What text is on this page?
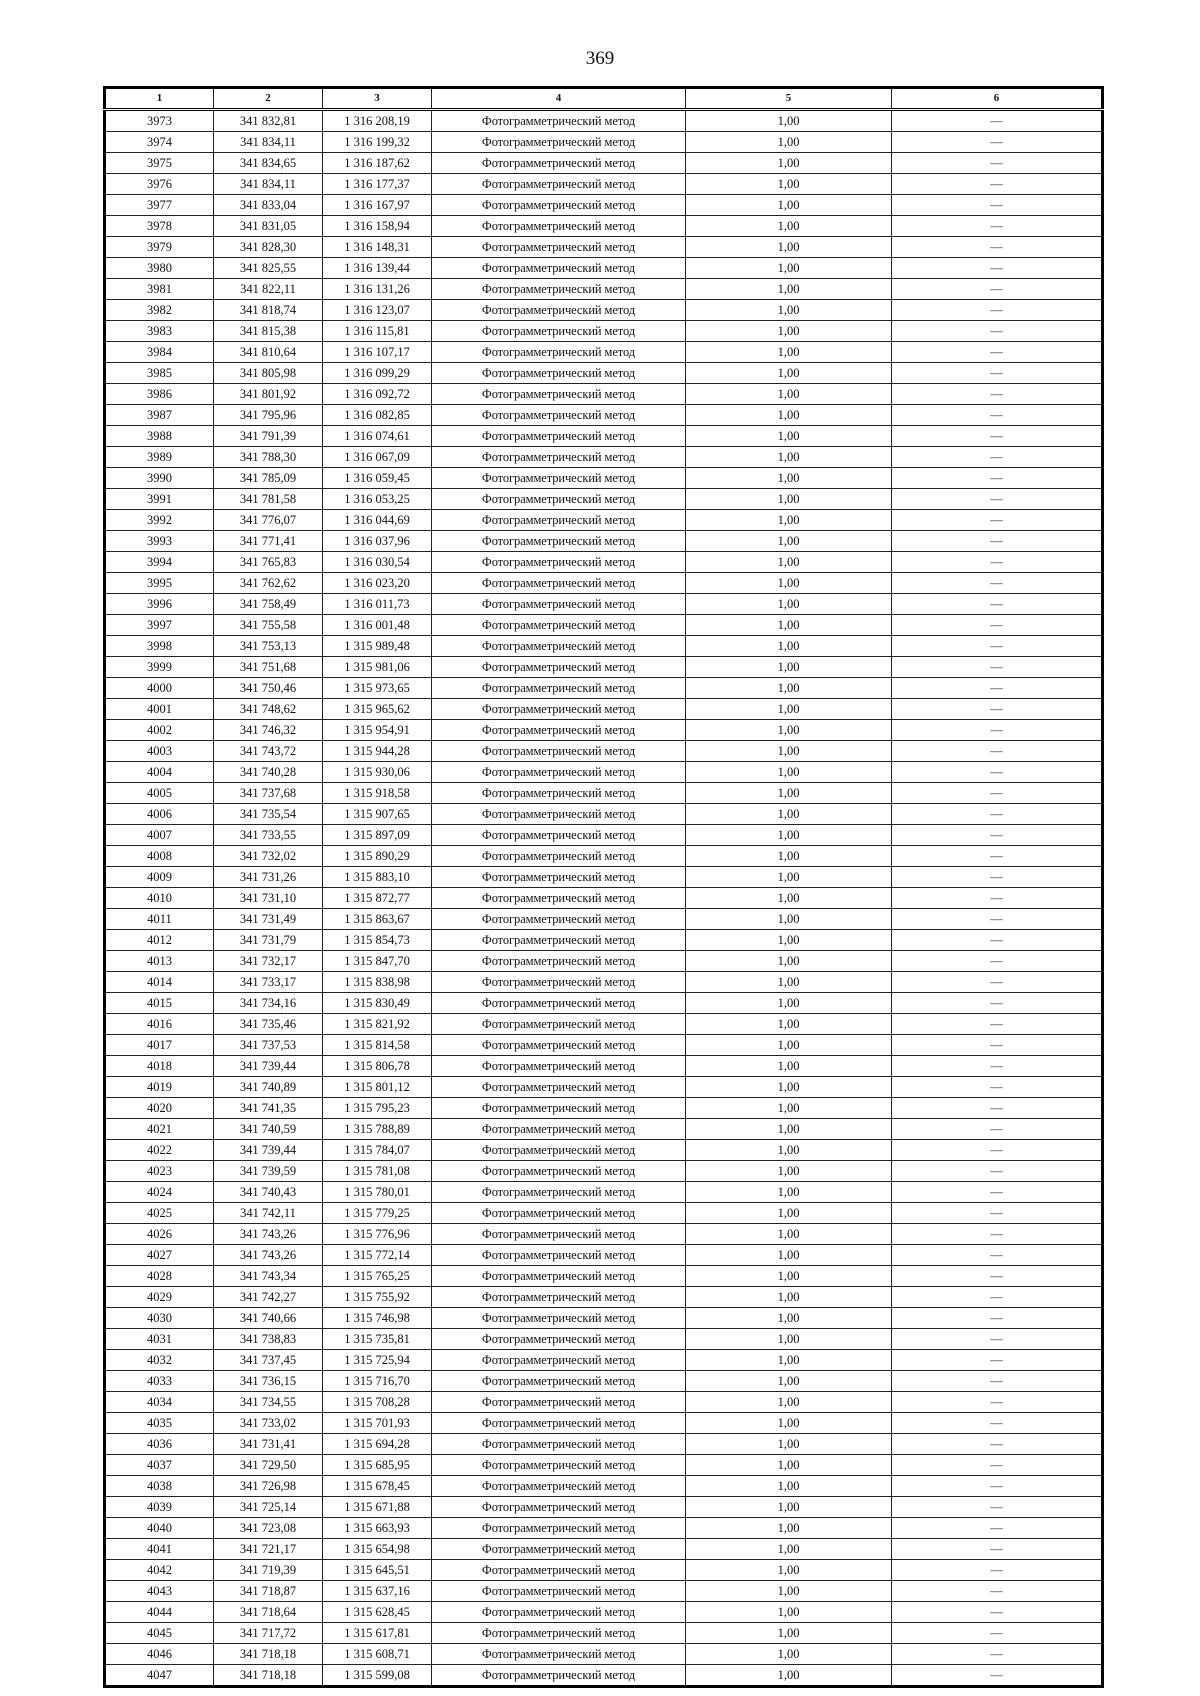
369
1	2	3	4	5	6
3973	341 832,81	1 316 208,19	Фотограмметрический метод	1,00	—
3974	341 834,11	1 316 199,32	Фотограмметрический метод	1,00	—
3975	341 834,65	1 316 187,62	Фотограмметрический метод	1,00	—
3976	341 834,11	1 316 177,37	Фотограмметрический метод	1,00	—
3977	341 833,04	1 316 167,97	Фотограмметрический метод	1,00	—
3978	341 831,05	1 316 158,94	Фотограмметрический метод	1,00	—
3979	341 828,30	1 316 148,31	Фотограмметрический метод	1,00	—
3980	341 825,55	1 316 139,44	Фотограмметрический метод	1,00	—
3981	341 822,11	1 316 131,26	Фотограмметрический метод	1,00	—
3982	341 818,74	1 316 123,07	Фотограмметрический метод	1,00	—
3983	341 815,38	1 316 115,81	Фотограмметрический метод	1,00	—
3984	341 810,64	1 316 107,17	Фотограмметрический метод	1,00	—
3985	341 805,98	1 316 099,29	Фотограмметрический метод	1,00	—
3986	341 801,92	1 316 092,72	Фотограмметрический метод	1,00	—
3987	341 795,96	1 316 082,85	Фотограмметрический метод	1,00	—
3988	341 791,39	1 316 074,61	Фотограмметрический метод	1,00	—
3989	341 788,30	1 316 067,09	Фотограмметрический метод	1,00	—
3990	341 785,09	1 316 059,45	Фотограмметрический метод	1,00	—
3991	341 781,58	1 316 053,25	Фотограмметрический метод	1,00	—
3992	341 776,07	1 316 044,69	Фотограмметрический метод	1,00	—
3993	341 771,41	1 316 037,96	Фотограмметрический метод	1,00	—
3994	341 765,83	1 316 030,54	Фотограмметрический метод	1,00	—
3995	341 762,62	1 316 023,20	Фотограмметрический метод	1,00	—
3996	341 758,49	1 316 011,73	Фотограмметрический метод	1,00	—
3997	341 755,58	1 316 001,48	Фотограмметрический метод	1,00	—
3998	341 753,13	1 315 989,48	Фотограмметрический метод	1,00	—
3999	341 751,68	1 315 981,06	Фотограмметрический метод	1,00	—
4000	341 750,46	1 315 973,65	Фотограмметрический метод	1,00	—
4001	341 748,62	1 315 965,62	Фотограмметрический метод	1,00	—
4002	341 746,32	1 315 954,91	Фотограмметрический метод	1,00	—
4003	341 743,72	1 315 944,28	Фотограмметрический метод	1,00	—
4004	341 740,28	1 315 930,06	Фотограмметрический метод	1,00	—
4005	341 737,68	1 315 918,58	Фотограмметрический метод	1,00	—
4006	341 735,54	1 315 907,65	Фотограмметрический метод	1,00	—
4007	341 733,55	1 315 897,09	Фотограмметрический метод	1,00	—
4008	341 732,02	1 315 890,29	Фотограмметрический метод	1,00	—
4009	341 731,26	1 315 883,10	Фотограмметрический метод	1,00	—
4010	341 731,10	1 315 872,77	Фотограмметрический метод	1,00	—
4011	341 731,49	1 315 863,67	Фотограмметрический метод	1,00	—
4012	341 731,79	1 315 854,73	Фотограмметрический метод	1,00	—
4013	341 732,17	1 315 847,70	Фотограмметрический метод	1,00	—
4014	341 733,17	1 315 838,98	Фотограмметрический метод	1,00	—
4015	341 734,16	1 315 830,49	Фотограмметрический метод	1,00	—
4016	341 735,46	1 315 821,92	Фотограмметрический метод	1,00	—
4017	341 737,53	1 315 814,58	Фотограмметрический метод	1,00	—
4018	341 739,44	1 315 806,78	Фотограмметрический метод	1,00	—
4019	341 740,89	1 315 801,12	Фотограмметрический метод	1,00	—
4020	341 741,35	1 315 795,23	Фотограмметрический метод	1,00	—
4021	341 740,59	1 315 788,89	Фотограмметрический метод	1,00	—
4022	341 739,44	1 315 784,07	Фотограмметрический метод	1,00	—
4023	341 739,59	1 315 781,08	Фотограмметрический метод	1,00	—
4024	341 740,43	1 315 780,01	Фотограмметрический метод	1,00	—
4025	341 742,11	1 315 779,25	Фотограмметрический метод	1,00	—
4026	341 743,26	1 315 776,96	Фотограмметрический метод	1,00	—
4027	341 743,26	1 315 772,14	Фотограмметрический метод	1,00	—
4028	341 743,34	1 315 765,25	Фотограмметрический метод	1,00	—
4029	341 742,27	1 315 755,92	Фотограмметрический метод	1,00	—
4030	341 740,66	1 315 746,98	Фотограмметрический метод	1,00	—
4031	341 738,83	1 315 735,81	Фотограмметрический метод	1,00	—
4032	341 737,45	1 315 725,94	Фотограмметрический метод	1,00	—
4033	341 736,15	1 315 716,70	Фотограмметрический метод	1,00	—
4034	341 734,55	1 315 708,28	Фотограмметрический метод	1,00	—
4035	341 733,02	1 315 701,93	Фотограмметрический метод	1,00	—
4036	341 731,41	1 315 694,28	Фотограмметрический метод	1,00	—
4037	341 729,50	1 315 685,95	Фотограмметрический метод	1,00	—
4038	341 726,98	1 315 678,45	Фотограмметрический метод	1,00	—
4039	341 725,14	1 315 671,88	Фотограмметрический метод	1,00	—
4040	341 723,08	1 315 663,93	Фотограмметрический метод	1,00	—
4041	341 721,17	1 315 654,98	Фотограмметрический метод	1,00	—
4042	341 719,39	1 315 645,51	Фотограмметрический метод	1,00	—
4043	341 718,87	1 315 637,16	Фотограмметрический метод	1,00	—
4044	341 718,64	1 315 628,45	Фотограмметрический метод	1,00	—
4045	341 717,72	1 315 617,81	Фотограмметрический метод	1,00	—
4046	341 718,18	1 315 608,71	Фотограмметрический метод	1,00	—
4047	341 718,18	1 315 599,08	Фотограмметрический метод	1,00	—
